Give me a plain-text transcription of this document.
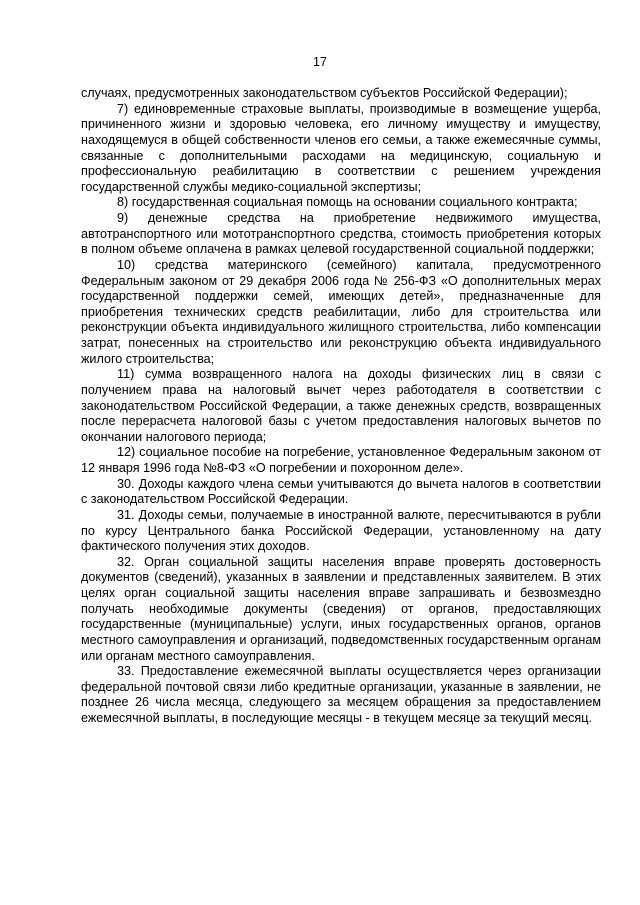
17

случаях, предусмотренных законодательством субъектов Российской Федерации);

7) единовременные страховые выплаты, производимые в возмещение ущерба, причиненного жизни и здоровью человека, его личному имуществу и имуществу, находящемуся в общей собственности членов его семьи, а также ежемесячные суммы, связанные с дополнительными расходами на медицинскую, социальную и профессиональную реабилитацию в соответствии с решением учреждения государственной службы медико-социальной экспертизы;

8) государственная социальная помощь на основании социального контракта;

9) денежные средства на приобретение недвижимого имущества, автотранспортного или мототранспортного средства, стоимость приобретения которых в полном объеме оплачена в рамках целевой государственной социальной поддержки;

10) средства материнского (семейного) капитала, предусмотренного Федеральным законом от 29 декабря 2006 года № 256-ФЗ «О дополнительных мерах государственной поддержки семей, имеющих детей», предназначенные для приобретения технических средств реабилитации, либо для строительства или реконструкции объекта индивидуального жилищного строительства, либо компенсации затрат, понесенных на строительство или реконструкцию объекта индивидуального жилого строительства;

11) сумма возвращенного налога на доходы физических лиц в связи с получением права на налоговый вычет через работодателя в соответствии с законодательством Российской Федерации, а также денежных средств, возвращенных после перерасчета налоговой базы с учетом предоставления налоговых вычетов по окончании налогового периода;

12) социальное пособие на погребение, установленное Федеральным законом от 12 января 1996 года №8-ФЗ «О погребении и похоронном деле».

30. Доходы каждого члена семьи учитываются до вычета налогов в соответствии с законодательством Российской Федерации.

31. Доходы семьи, получаемые в иностранной валюте, пересчитываются в рубли по курсу Центрального банка Российской Федерации, установленному на дату фактического получения этих доходов.

32. Орган социальной защиты населения вправе проверять достоверность документов (сведений), указанных в заявлении и представленных заявителем. В этих целях орган социальной защиты населения вправе запрашивать и безвозмездно получать необходимые документы (сведения) от органов, предоставляющих государственные (муниципальные) услуги, иных государственных органов, органов местного самоуправления и организаций, подведомственных государственным органам или органам местного самоуправления.

33. Предоставление ежемесячной выплаты осуществляется через организации федеральной почтовой связи либо кредитные организации, указанные в заявлении, не позднее 26 числа месяца, следующего за месяцем обращения за предоставлением ежемесячной выплаты, в последующие месяцы - в текущем месяце за текущий месяц.
